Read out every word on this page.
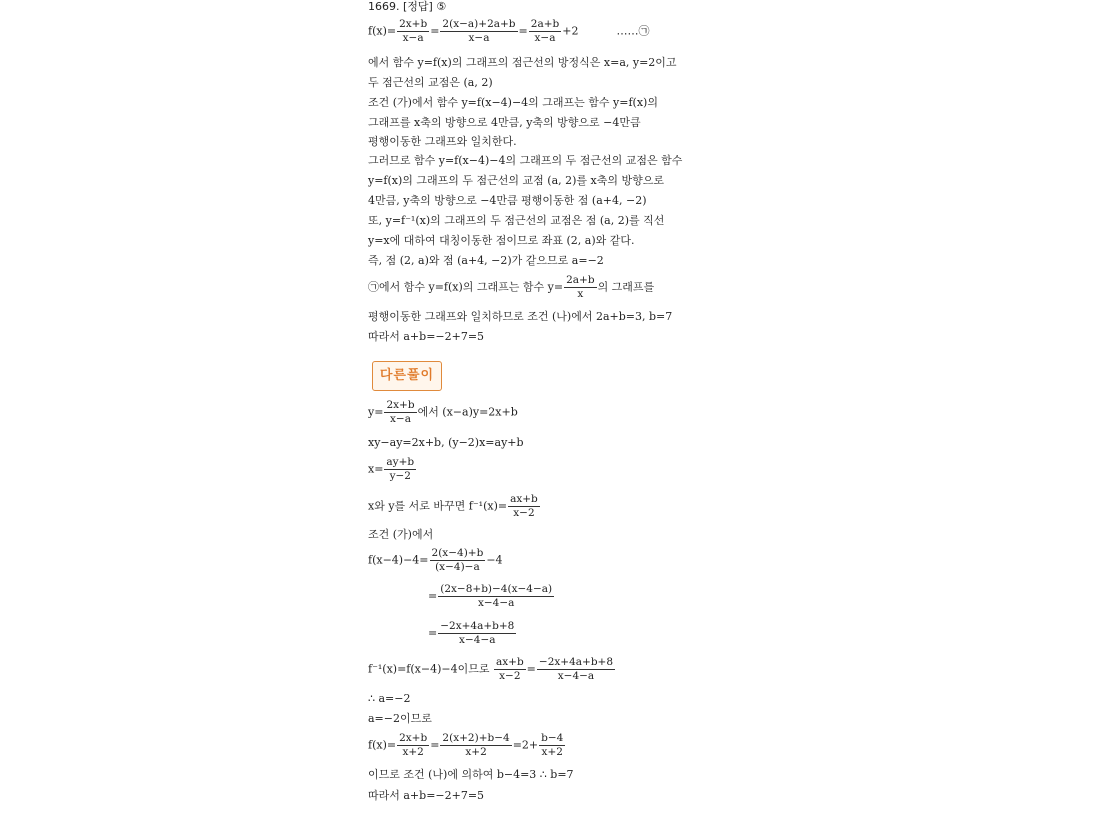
1669. [정답] ⑤
$f(x)= \frac{2x+b}{x-a} = \frac{2(x-a)+2a+b}{x-a} = \frac{2a+b}{x-a} +2$	……㉠
에서 함수 y=f(x)의 그래프의 점근선의 방정식은 x=a, y=2이고
두 점근선의 교점은 (a, 2)
조건 (가)에서 함수 y=f(x−4)−4의 그래프는 함수 y=f(x)의
그래프를 x축의 방향으로 4만큼, y축의 방향으로 −4만큼
평행이동한 그래프와 일치한다.
그러므로 함수 y=f(x−4)−4의 그래프의 두 점근선의 교점은 함수
y=f(x)의 그래프의 두 점근선의 교점 (a, 2)를 x축의 방향으로
4만큼, y축의 방향으로 −4만큼 평행이동한 점 (a+4, −2)
또, y=f⁻¹(x)의 그래프의 두 점근선의 교점은 점 (a, 2)를 직선
y=x에 대하여 대칭이동한 점이므로 좌표 (2, a)와 같다.
즉, 점 (2, a)와 점 (a+4, −2)가 같으므로 a=−2
㉠에서 함수 y=f(x)의 그래프는 함수 $y= \frac{2a+b}{x}$ 의 그래프를
평행이동한 그래프와 일치하므로 조건 (나)에서 2a+b=3, b=7
따라서 a+b=−2+7=5
다른풀이
$y= \frac{2x+b}{x-a}$ 에서 (x−a)y=2x+b
xy−ay=2x+b, (y−2)x=ay+b
$x= \frac{ay+b}{y-2}$
x와 y를 서로 바꾸면 $f^{-1}(x)= \frac{ax+b}{x-2}$
조건 (가)에서
$f(x-4)-4= \frac{2(x-4)+b}{(x-4)-a} -4$
= $\frac{(2x-8+b)-4(x-4-a)}{x-4-a}$
= $\frac{-2x+4a+b+8}{x-4-a}$
f⁻¹(x)=f(x−4)−4이므로 $\frac{ax+b}{x-2} = \frac{-2x+4a+b+8}{x-4-a}$
∴ a=−2
a=−2이므로
$f(x)= \frac{2x+b}{x+2} = \frac{2(x+2)+b-4}{x+2} =2+ \frac{b-4}{x+2}$
이므로 조건 (나)에 의하여 b−4=3 ∴ b=7
따라서 a+b=−2+7=5
